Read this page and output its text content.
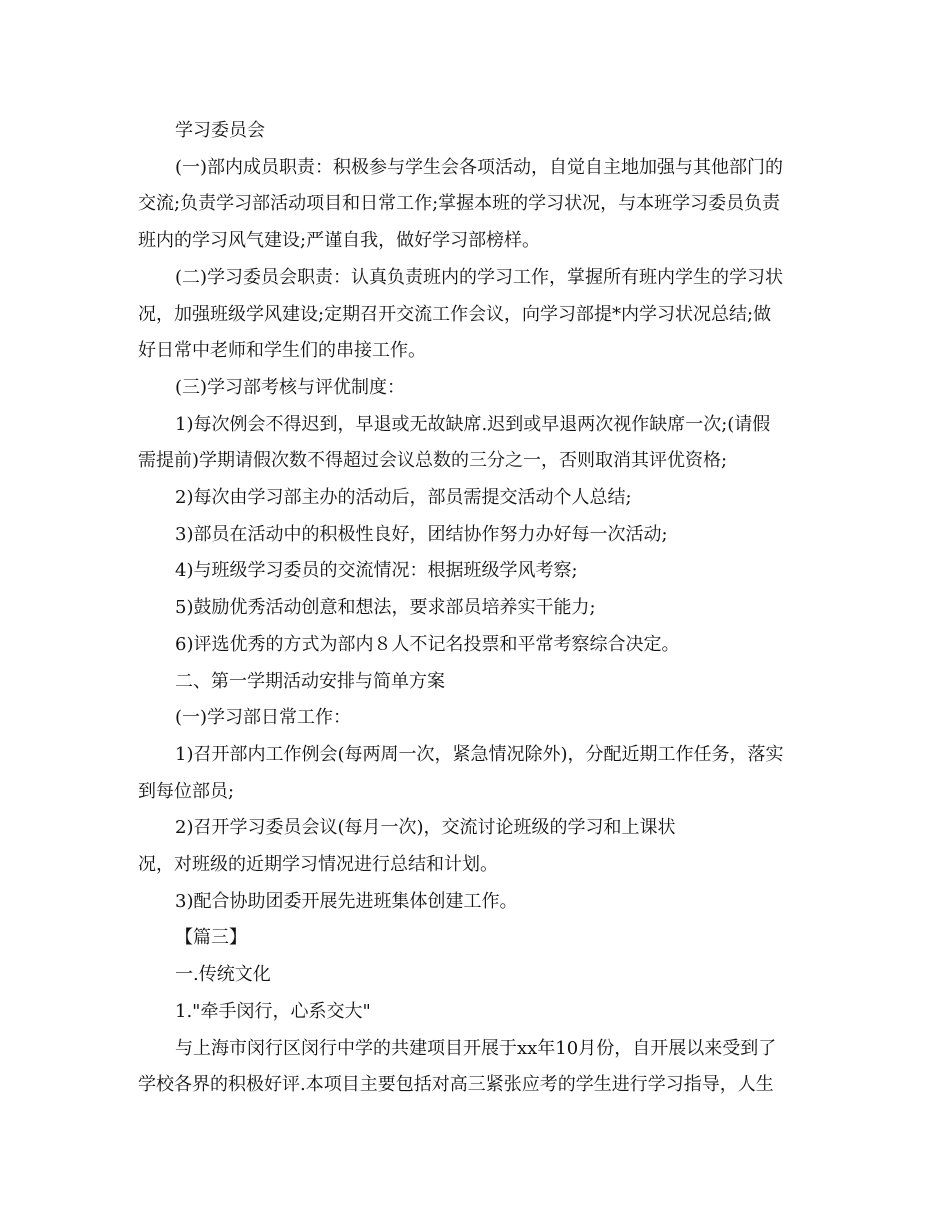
学习委员会

(一)部内成员职责：积极参与学生会各项活动，自觉自主地加强与其他部门的
交流;负责学习部活动项目和日常工作;掌握本班的学习状况，与本班学习委员负责
班内的学习风气建设;严谨自我，做好学习部榜样。

(二)学习委员会职责：认真负责班内的学习工作，掌握所有班内学生的学习状
况，加强班级学风建设;定期召开交流工作会议，向学习部提*内学习状况总结;做
好日常中老师和学生们的串接工作。

(三)学习部考核与评优制度：

1)每次例会不得迟到，早退或无故缺席.迟到或早退两次视作缺席一次;(请假
需提前)学期请假次数不得超过会议总数的三分之一，否则取消其评优资格;

2)每次由学习部主办的活动后，部员需提交活动个人总结;

3)部员在活动中的积极性良好，团结协作努力办好每一次活动;

4)与班级学习委员的交流情况：根据班级学风考察;

5)鼓励优秀活动创意和想法，要求部员培养实干能力;

6)评选优秀的方式为部内８人不记名投票和平常考察综合决定。

二、第一学期活动安排与简单方案

(一)学习部日常工作：

1)召开部内工作例会(每两周一次，紧急情况除外)，分配近期工作任务，落实
到每位部员;

2)召开学习委员会议(每月一次)，交流讨论班级的学习和上课状

况，对班级的近期学习情况进行总结和计划。

3)配合协助团委开展先进班集体创建工作。

【篇三】

一.传统文化

1."牵手闵行，心系交大"

与上海市闵行区闵行中学的共建项目开展于xx年10月份，自开展以来受到了
学校各界的积极好评.本项目主要包括对高三紧张应考的学生进行学习指导，人生
